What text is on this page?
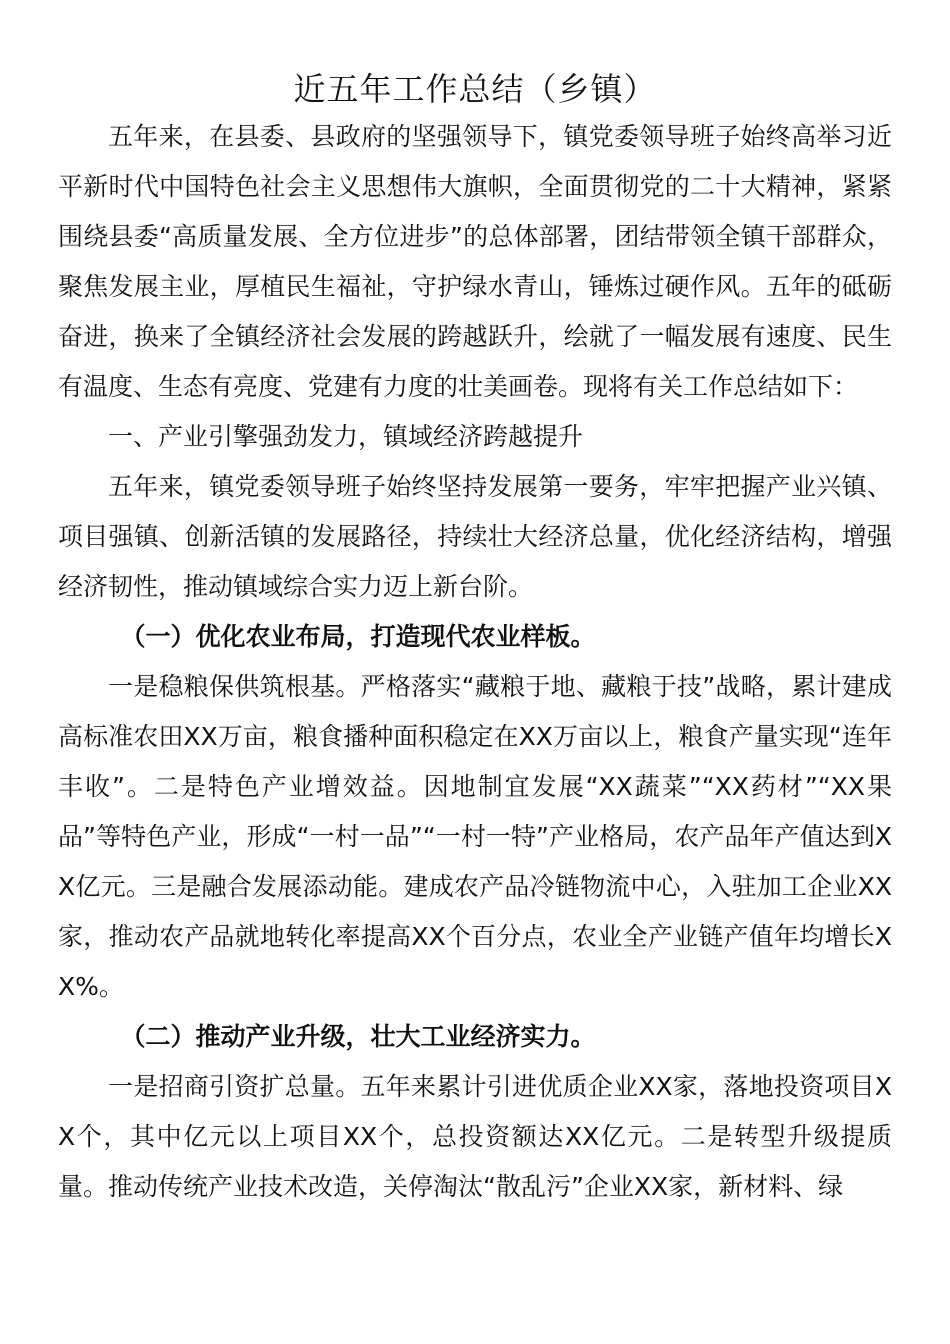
近五年工作总结（乡镇）

五年来，在县委、县政府的坚强领导下，镇党委领导班子始终高举习近平新时代中国特色社会主义思想伟大旗帜，全面贯彻党的二十大精神，紧紧围绕县委“高质量发展、全方位进步”的总体部署，团结带领全镇干部群众，聚焦发展主业，厚植民生福祉，守护绿水青山，锤炼过硬作风。五年的砥砺奋进，换来了全镇经济社会发展的跨越跃升，绘就了一幅发展有速度、民生有温度、生态有亮度、党建有力度的壮美画卷。现将有关工作总结如下：

一、产业引擎强劲发力，镇域经济跨越提升

五年来，镇党委领导班子始终坚持发展第一要务，牢牢把握产业兴镇、项目强镇、创新活镇的发展路径，持续壮大经济总量，优化经济结构，增强经济韧性，推动镇域综合实力迈上新台阶。

（一）优化农业布局，打造现代农业样板。

一是稳粮保供筑根基。严格落实“藏粮于地、藏粮于技”战略，累计建成高标准农田XX万亩，粮食播种面积稳定在XX万亩以上，粮食产量实现“连年丰收”。二是特色产业增效益。因地制宜发展“XX蔬菜”“XX药材”“XX果品”等特色产业，形成“一村一品”“一村一特”产业格局，农产品年产值达到XX亿元。三是融合发展添动能。建成农产品冷链物流中心，入驻加工企业XX家，推动农产品就地转化率提高XX个百分点，农业全产业链产值年均增长XX%。

（二）推动产业升级，壮大工业经济实力。

一是招商引资扩总量。五年来累计引进优质企业XX家，落地投资项目XX个，其中亿元以上项目XX个，总投资额达XX亿元。二是转型升级提质量。推动传统产业技术改造，关停淘汰“散乱污”企业XX家，新材料、绿
